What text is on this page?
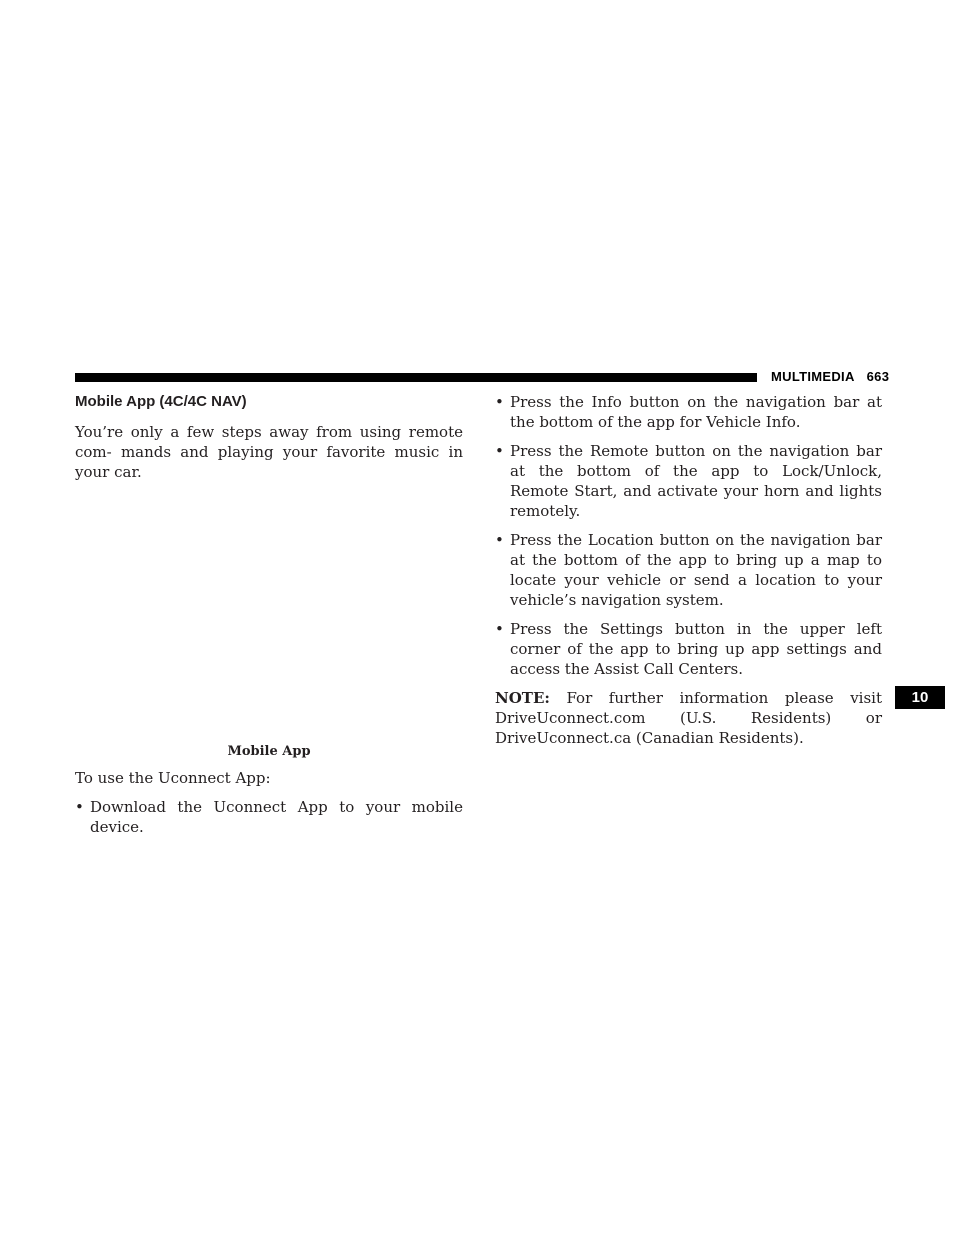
MULTIMEDIA 663
Mobile App (4C/4C NAV)

You’re only a few steps away from using remote com- mands and playing your favorite music in your car.

Mobile App

To use the Uconnect App:

• Download the Uconnect App to your mobile device.
• Press the Info button on the navigation bar at the bottom of the app for Vehicle Info.
• Press the Remote button on the navigation bar at the bottom of the app to Lock/Unlock, Remote Start, and activate your horn and lights remotely.
• Press the Location button on the navigation bar at the bottom of the app to bring up a map to locate your vehicle or send a location to your vehicle’s navigation system.
• Press the Settings button in the upper left corner of the app to bring up app settings and access the Assist Call Centers.

NOTE: For further information please visit DriveUconnect.com (U.S. Residents) or DriveUconnect.ca (Canadian Residents).

10
